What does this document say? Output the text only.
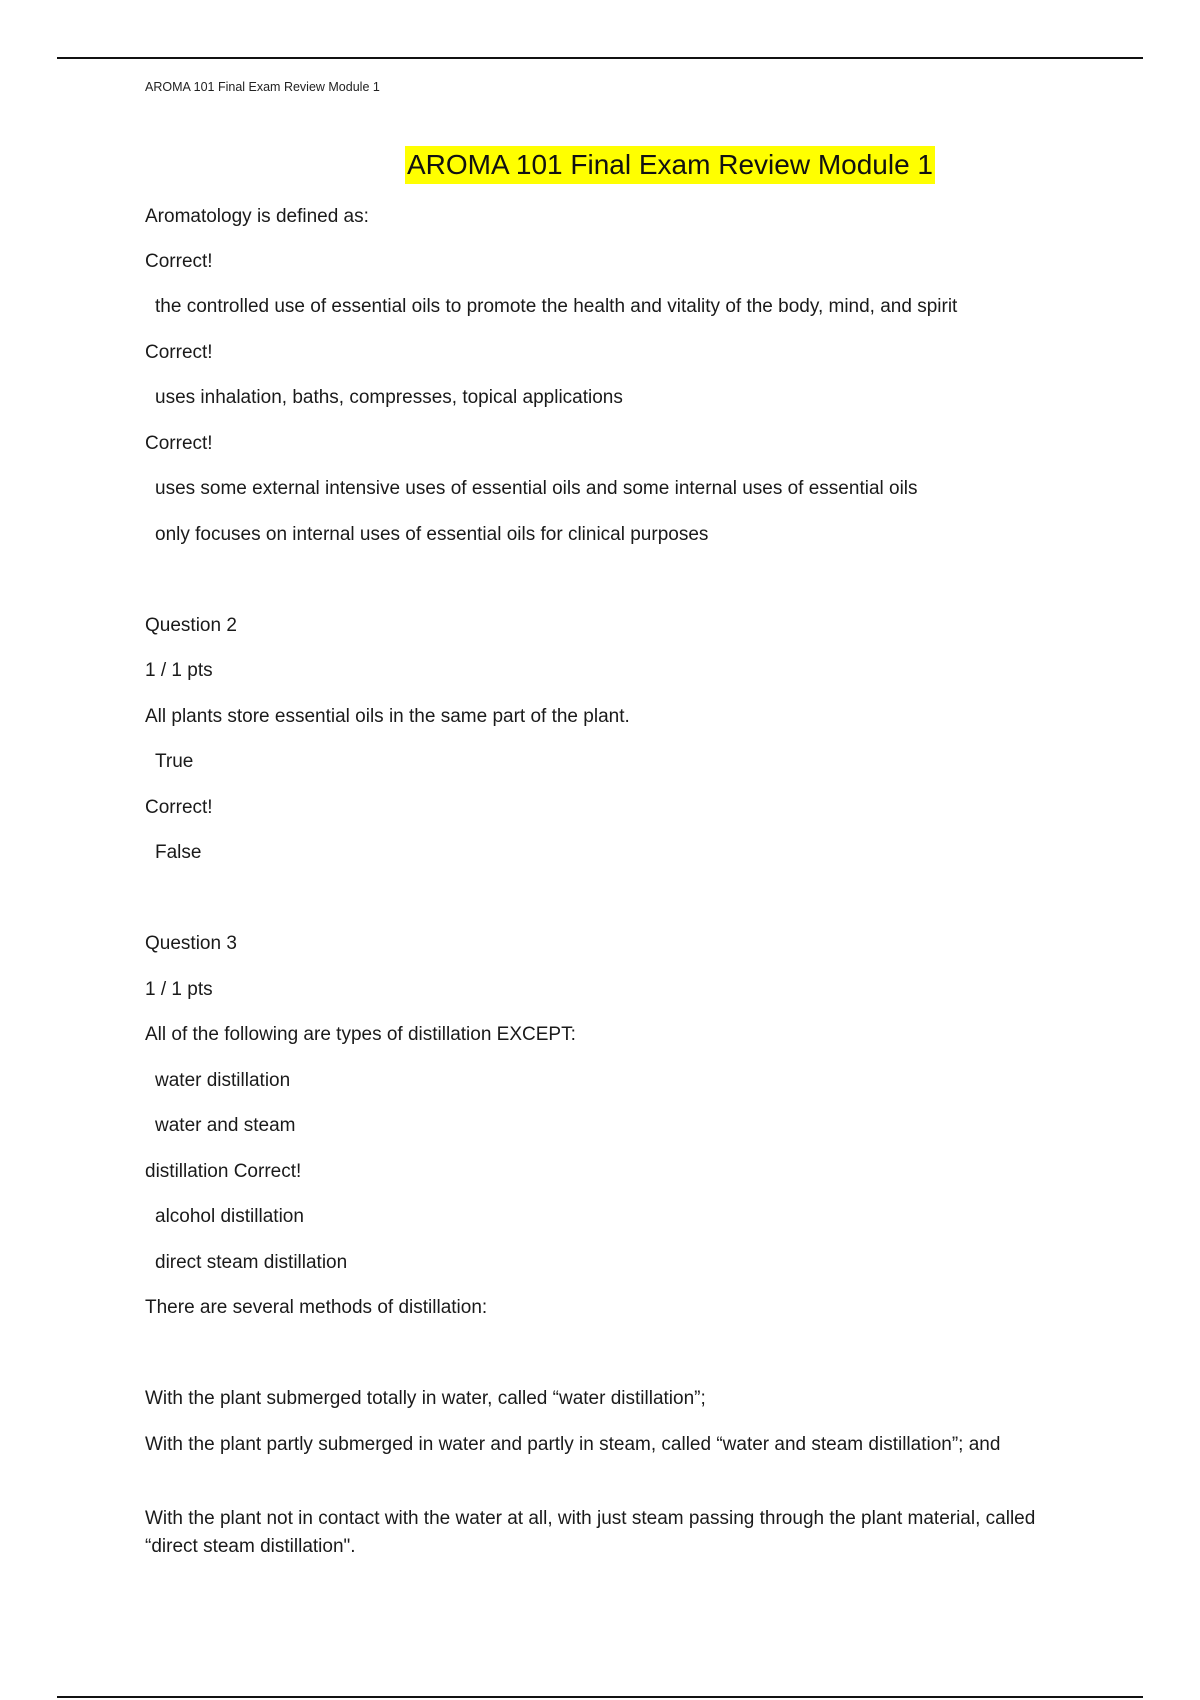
AROMA 101 Final Exam Review Module 1
AROMA 101 Final Exam Review Module 1
Aromatology is defined as:
Correct!
the controlled use of essential oils to promote the health and vitality of the body, mind, and spirit
Correct!
uses inhalation, baths, compresses, topical applications
Correct!
uses some external intensive uses of essential oils and some internal uses of essential oils
only focuses on internal uses of essential oils for clinical purposes
Question 2
1 / 1 pts
All plants store essential oils in the same part of the plant.
True
Correct!
False
Question 3
1 / 1 pts
All of the following are types of distillation EXCEPT:
water distillation
water and steam
distillation Correct!
alcohol distillation
direct steam distillation
There are several methods of distillation:
With the plant submerged totally in water, called “water distillation”;
With the plant partly submerged in water and partly in steam, called “water and steam distillation”; and
With the plant not in contact with the water at all, with just steam passing through the plant material, called “direct steam distillation".
